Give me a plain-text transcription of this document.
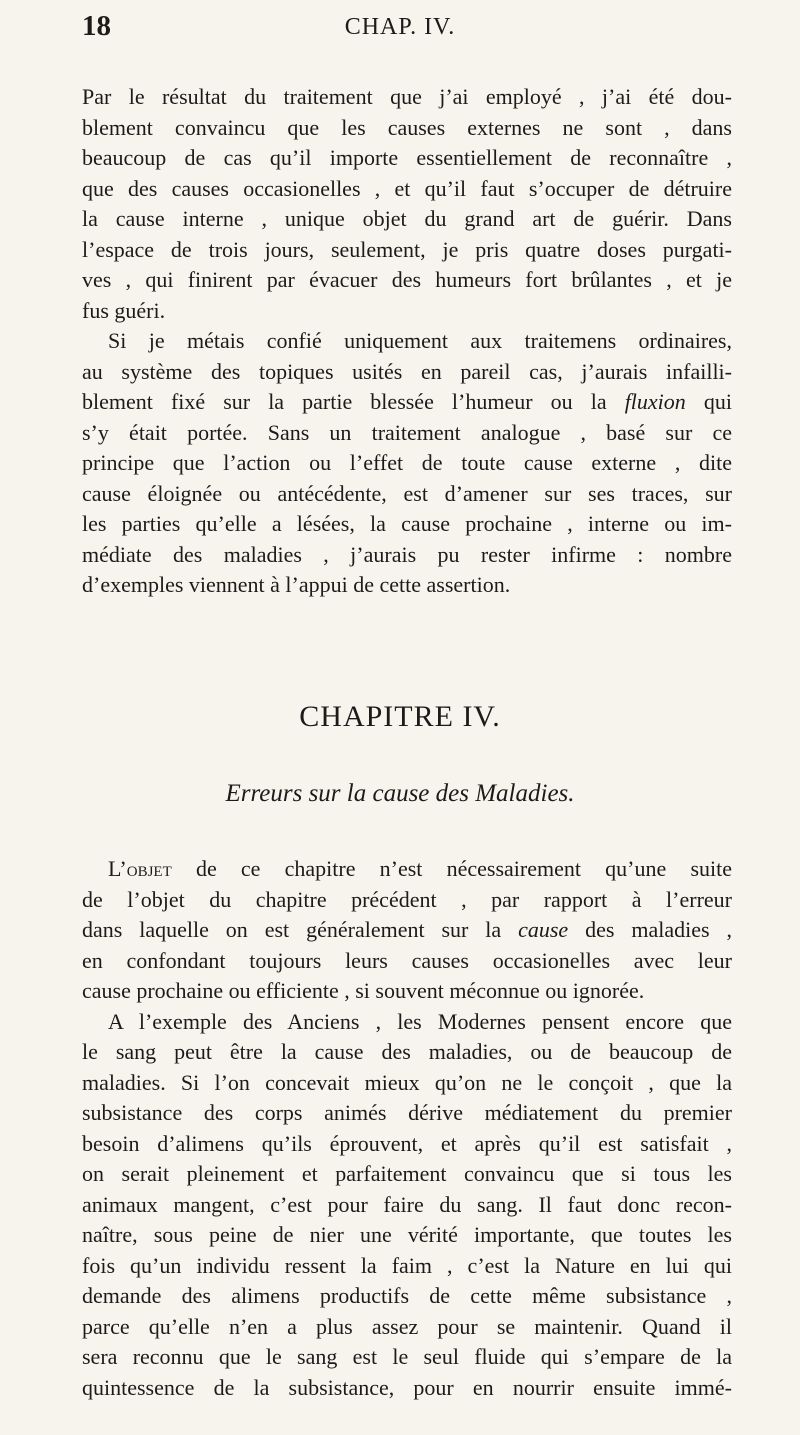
18	CHAP. IV.

Par le résultat du traitement que j’ai employé , j’ai été dou-
blement convaincu que les causes externes ne sont , dans
beaucoup de cas qu’il importe essentiellement de reconnaître ,
que des causes occasionelles , et qu’il faut s’occuper de détruire
la cause interne , unique objet du grand art de guérir. Dans
l’espace de trois jours, seulement, je pris quatre doses purgati-
ves , qui finirent par évacuer des humeurs fort brûlantes , et je
fus guéri.

Si je métais confié uniquement aux traitemens ordinaires,
au système des topiques usités en pareil cas, j’aurais infailli-
blement fixé sur la partie blessée l’humeur ou la fluxion qui
s’y était portée. Sans un traitement analogue , basé sur ce
principe que l’action ou l’effet de toute cause externe , dite
cause éloignée ou antécédente, est d’amener sur ses traces, sur
les parties qu’elle a lésées, la cause prochaine , interne ou im-
médiate des maladies , j’aurais pu rester infirme : nombre
d’exemples viennent à l’appui de cette assertion.

CHAPITRE IV.
Erreurs sur la cause des Maladies.

L’objet de ce chapitre n’est nécessairement qu’une suite
de l’objet du chapitre précédent , par rapport à l’erreur
dans laquelle on est généralement sur la cause des maladies ,
en confondant toujours leurs causes occasionelles avec leur
cause prochaine ou efficiente , si souvent méconnue ou ignorée.

A l’exemple des Anciens , les Modernes pensent encore que
le sang peut être la cause des maladies, ou de beaucoup de
maladies. Si l’on concevait mieux qu’on ne le conçoit , que la
subsistance des corps animés dérive médiatement du premier
besoin d’alimens qu’ils éprouvent, et après qu’il est satisfait ,
on serait pleinement et parfaitement convaincu que si tous les
animaux mangent, c’est pour faire du sang. Il faut donc recon-
naître, sous peine de nier une vérité importante, que toutes les
fois qu’un individu ressent la faim , c’est la Nature en lui qui
demande des alimens productifs de cette même subsistance ,
parce qu’elle n’en a plus assez pour se maintenir. Quand il
sera reconnu que le sang est le seul fluide qui s’empare de la
quintessence de la subsistance, pour en nourrir ensuite immé-
